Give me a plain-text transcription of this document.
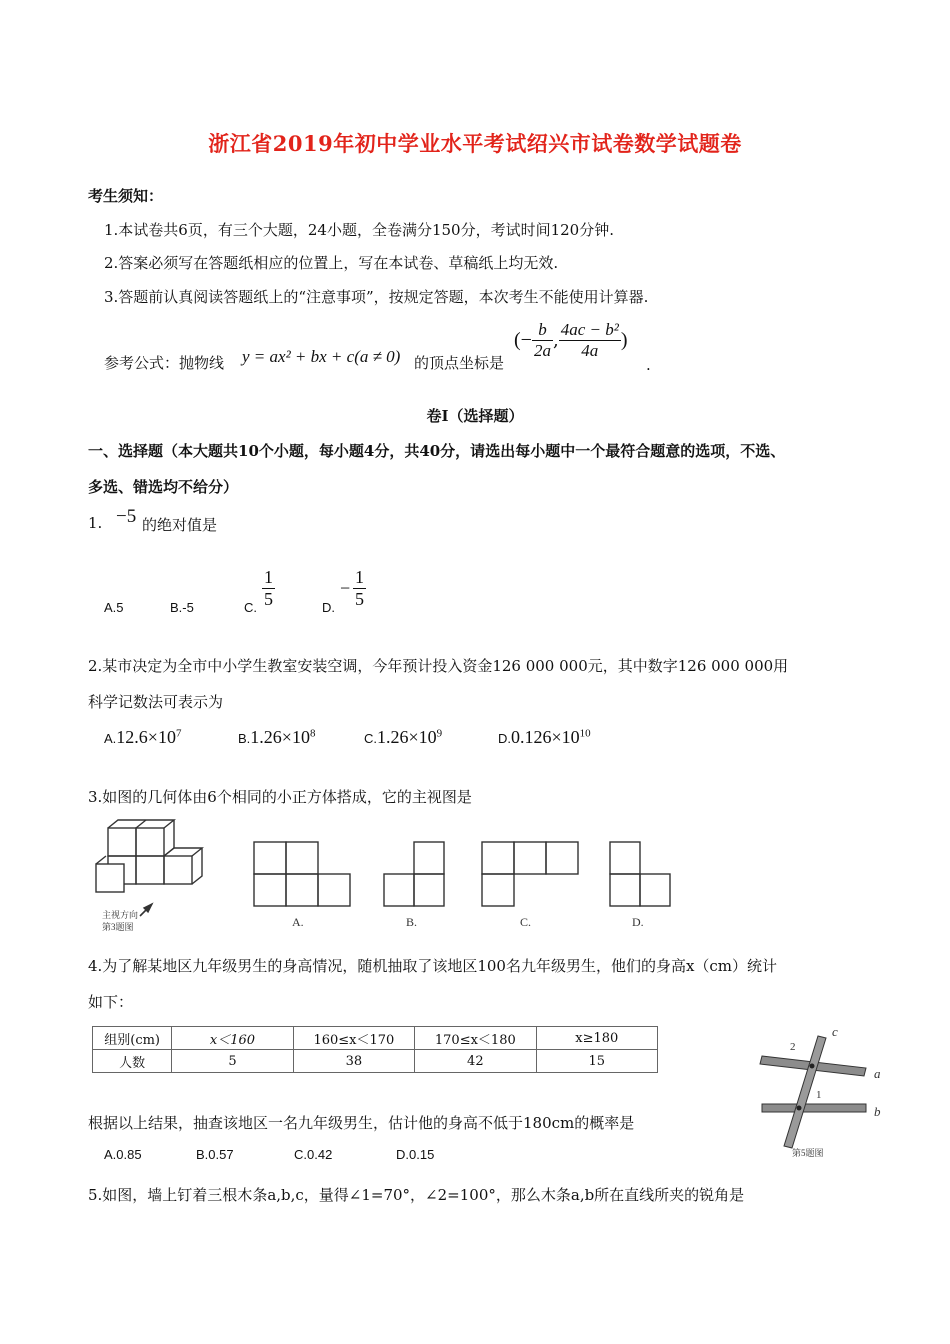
浙江省2019年初中学业水平考试绍兴市试卷数学试题卷
考生须知：
1.本试卷共6页，有三个大题，24小题，全卷满分150分，考试时间120分钟.
2.答案必须写在答题纸相应的位置上，写在本试卷、草稿纸上均无效.
3.答题前认真阅读答题纸上的“注意事项”，按规定答题，本次考生不能使用计算器.
参考公式：抛物线 y = ax² + bx + c(a ≠ 0) 的顶点坐标是
(− $\frac{b}{2a}$ , $\frac{\text{4ac − b²}}{4a}$ )
.
卷Ⅰ（选择题）
一、选择题（本大题共10个小题，每小题4分，共40分，请选出每小题中一个最符合题意的选项，不选、
多选、错选均不给分）
1. −5 的绝对值是
A.5	B.-5	C. $\frac{1}{5}$	D.
− $\frac{1}{5}$
2.某市决定为全市中小学生教室安装空调，今年预计投入资金126 000 000元，其中数字126 000 000用
科学记数法可表示为
$A.12.6\times 10^7$	$B.1.26\times 10^8$	$C.1.26\times 10^9$	$D.0.126\times 10^{10}$
3.如图的几何体由6个相同的小正方体搭成，它的主视图是
主视方向
第3题图	A.	B.	C.	D.
4.为了解某地区九年级男生的身高情况，随机抽取了该地区100名九年级男生，他们的身高x（cm）统计
如下：
组别(cm)	x＜160	160≤x＜170	170≤x＜180	x≥180
人数	5	38	42	15
根据以上结果，抽查该地区一名九年级男生，估计他的身高不低于180cm的概率是
A.0.85	B.0.57	C.0.42	D.0.15
c
a
b
1
2
第5题图
5.如图，墙上钉着三根木条a,b,c，量得∠1=70°，∠2=100°，那么木条a,b所在直线所夹的锐角是
